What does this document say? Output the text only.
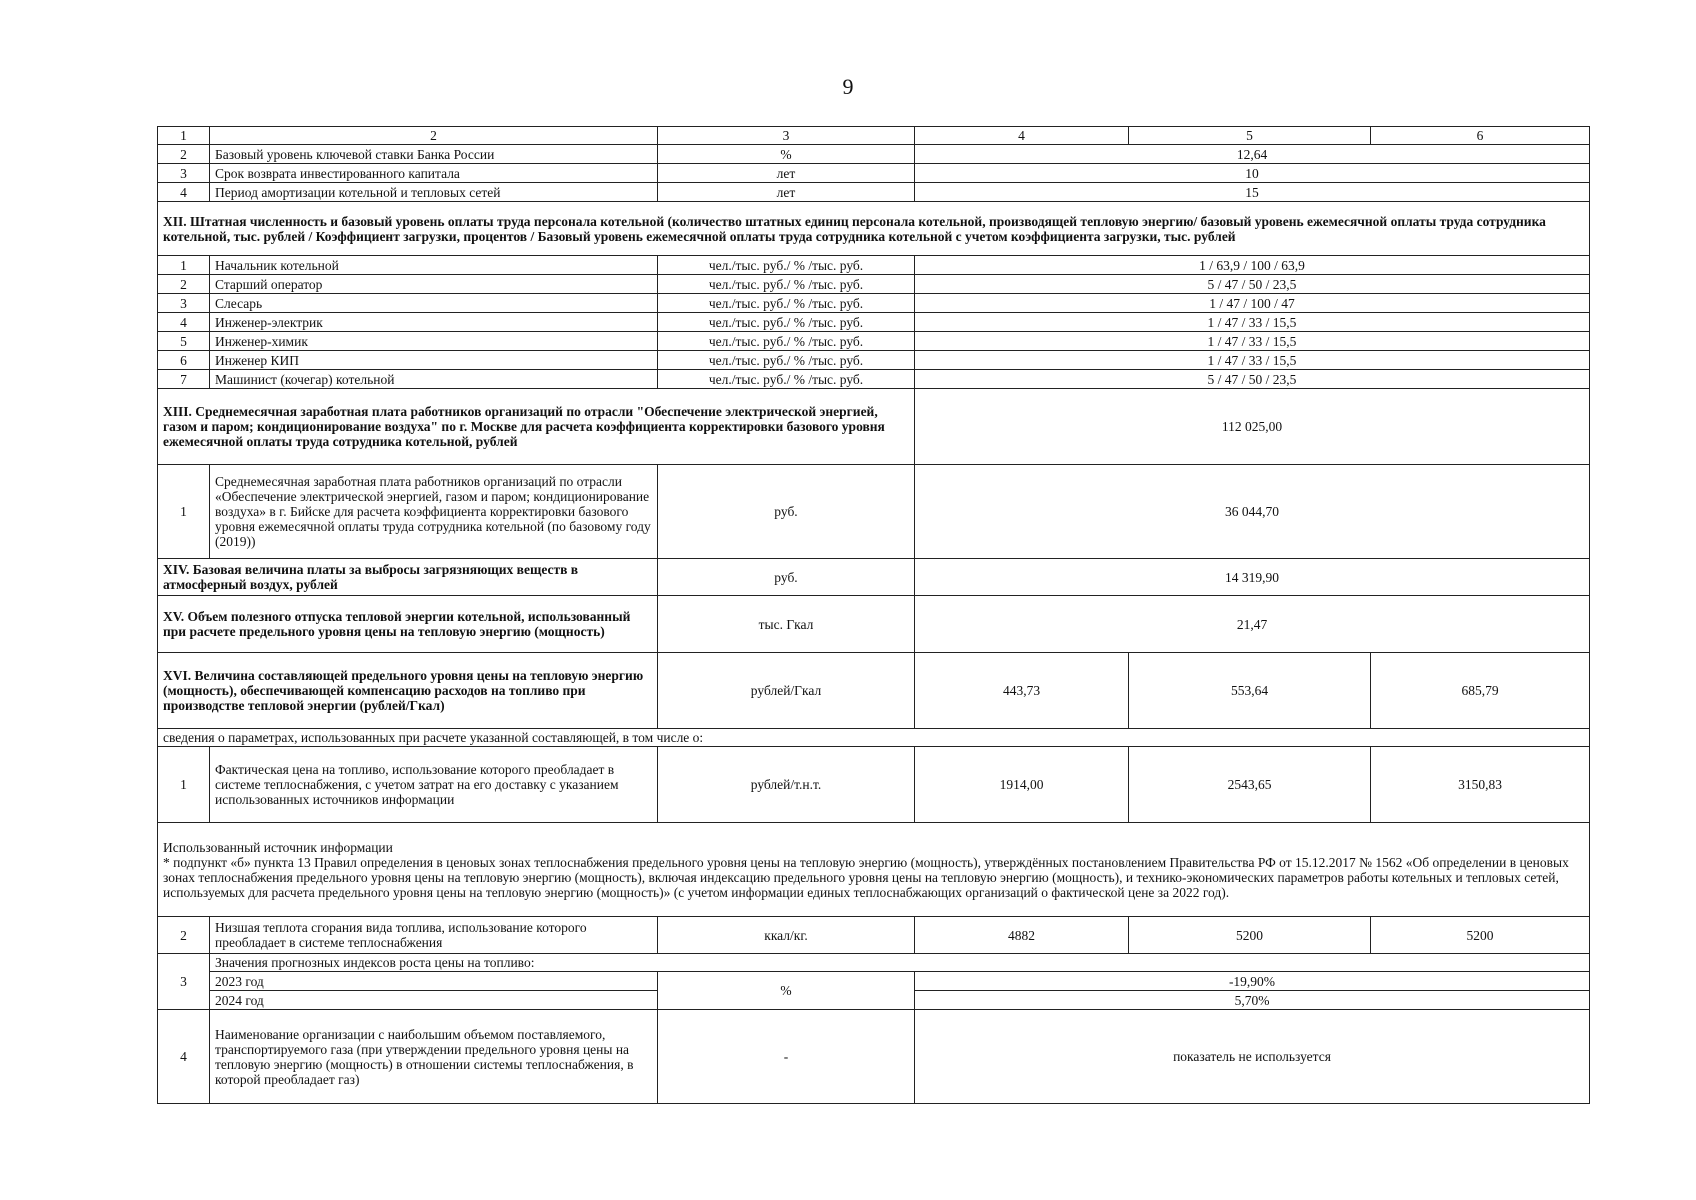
9
1	2	3	4	5	6
2	Базовый уровень ключевой ставки Банка России	%	12,64		
3	Срок возврата инвестированного капитала	лет	10		
4	Период амортизации котельной и тепловых сетей	лет	15		
XII. Штатная численность и базовый уровень оплаты труда персонала котельной (количество штатных единиц персонала котельной, производящей тепловую энергию/ базовый уровень ежемесячной оплаты труда сотрудника котельной, тыс. рублей / Коэффициент загрузки, процентов / Базовый уровень ежемесячной оплаты труда сотрудника котельной с учетом коэффициента загрузки, тыс. рублей					
1	Начальник котельной	чел./тыс. руб./ % /тыс. руб.	1 / 63,9 / 100 / 63,9		
2	Старший оператор	чел./тыс. руб./ % /тыс. руб.	5 / 47 / 50 / 23,5		
3	Слесарь	чел./тыс. руб./ % /тыс. руб.	1 / 47 / 100 / 47		
4	Инженер-электрик	чел./тыс. руб./ % /тыс. руб.	1 / 47 / 33 / 15,5		
5	Инженер-химик	чел./тыс. руб./ % /тыс. руб.	1 / 47 / 33 / 15,5		
6	Инженер КИП	чел./тыс. руб./ % /тыс. руб.	1 / 47 / 33 / 15,5		
7	Машинист (кочегар) котельной	чел./тыс. руб./ % /тыс. руб.	5 / 47 / 50 / 23,5		
XIII. Среднемесячная заработная плата работников организаций по отрасли "Обеспечение электрической энергией, газом и паром; кондиционирование воздуха" по г. Москве для расчета коэффициента корректировки базового уровня ежемесячной оплаты труда сотрудника котельной, рублей			112 025,00		
1	Среднемесячная заработная плата работников организаций по отрасли «Обеспечение электрической энергией, газом и паром; кондиционирование воздуха» в г. Бийске для расчета коэффициента корректировки базового уровня ежемесячной оплаты труда сотрудника котельной (по базовому году (2019))	руб.	36 044,70		
XIV. Базовая величина платы за выбросы загрязняющих веществ в атмосферный воздух, рублей		руб.	14 319,90		
XV. Объем полезного отпуска тепловой энергии котельной, использованный при расчете предельного уровня цены на тепловую энергию (мощность)		тыс. Гкал	21,47		
XVI. Величина составляющей предельного уровня цены на тепловую энергию (мощность), обеспечивающей компенсацию расходов на топливо при производстве тепловой энергии (рублей/Гкал)		рублей/Гкал	443,73	553,64	685,79
сведения о параметрах, использованных при расчете указанной составляющей, в том числе о:					
1	Фактическая цена на топливо, использование которого преобладает в системе теплоснабжения, с учетом затрат на его доставку с указанием использованных источников информации	рублей/т.н.т.	1914,00	2543,65	3150,83

Использованный источник информации
* подпункт «б» пункта 13 Правил определения в ценовых зонах теплоснабжения предельного уровня цены на тепловую энергию (мощность), утверждённых постановлением Правительства РФ от 15.12.2017 № 1562 «Об определении в ценовых зонах теплоснабжения предельного уровня цены на тепловую энергию (мощность), включая индексацию предельного уровня цены на тепловую энергию (мощность), и технико-экономических параметров работы котельных и тепловых сетей, используемых для расчета предельного уровня цены на тепловую энергию (мощность)» (с учетом информации единых теплоснабжающих организаций о фактической цене за 2022 год).					

2	Низшая теплота сгорания вида топлива, использование которого преобладает в системе теплоснабжения	ккал/кг.	4882	5200	5200
3	Значения прогнозных индексов роста цены на топливо:				
	2023 год	%	-19,90%		
	2024 год		5,70%		
4	Наименование организации с наибольшим объемом поставляемого, транспортируемого газа (при утверждении предельного уровня цены на тепловую энергию (мощность) в отношении системы теплоснабжения, в которой преобладает газ)	-	показатель не используется		
